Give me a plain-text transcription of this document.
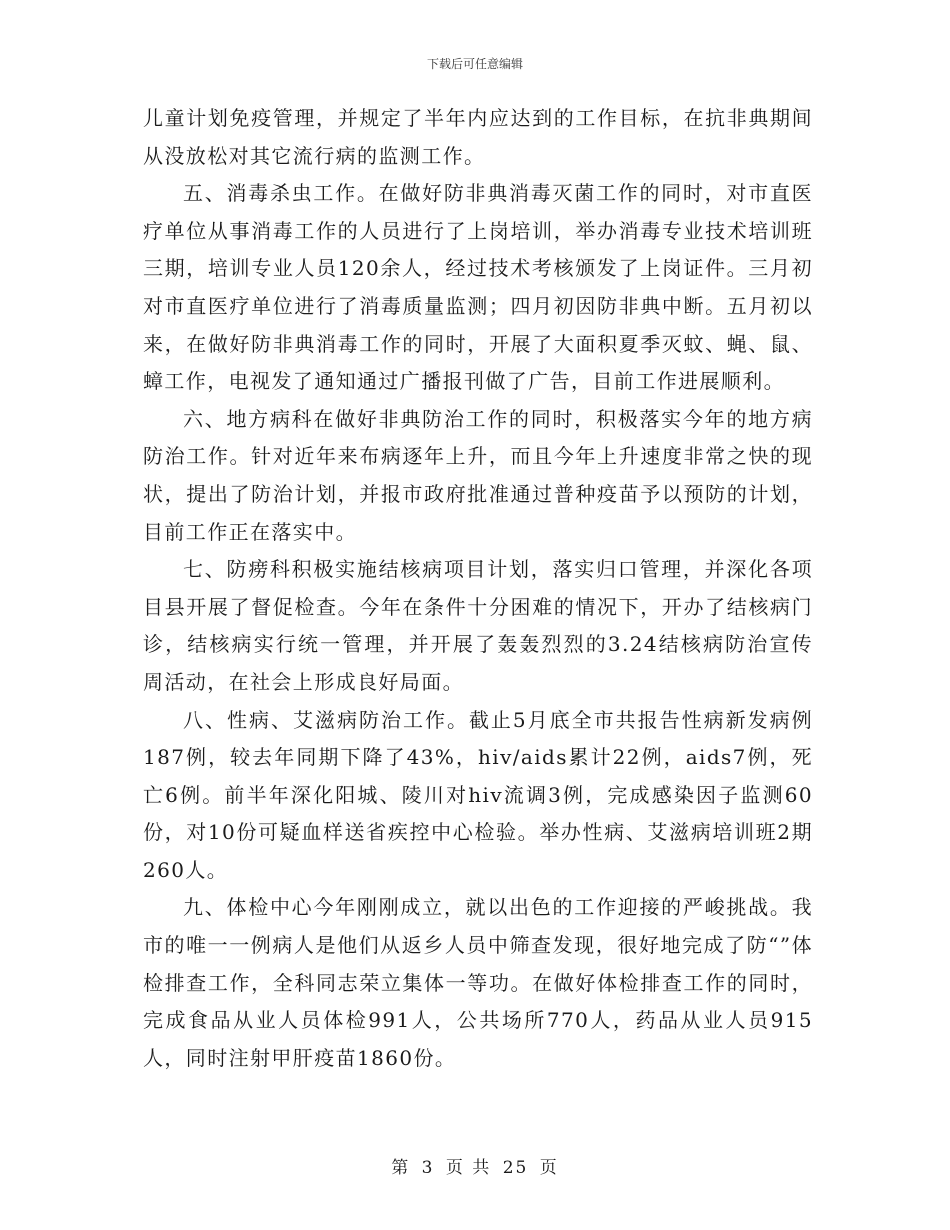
下载后可任意编辑

儿童计划免疫管理，并规定了半年内应达到的工作目标，在抗非典期间从没放松对其它流行病的监测工作。

五、消毒杀虫工作。在做好防非典消毒灭菌工作的同时，对市直医疗单位从事消毒工作的人员进行了上岗培训，举办消毒专业技术培训班三期，培训专业人员120余人，经过技术考核颁发了上岗证件。三月初对市直医疗单位进行了消毒质量监测；四月初因防非典中断。五月初以来，在做好防非典消毒工作的同时，开展了大面积夏季灭蚊、蝇、鼠、蟑工作，电视发了通知通过广播报刊做了广告，目前工作进展顺利。

六、地方病科在做好非典防治工作的同时，积极落实今年的地方病防治工作。针对近年来布病逐年上升，而且今年上升速度非常之快的现状，提出了防治计划，并报市政府批准通过普种疫苗予以预防的计划，目前工作正在落实中。

七、防痨科积极实施结核病项目计划，落实归口管理，并深化各项目县开展了督促检查。今年在条件十分困难的情况下，开办了结核病门诊，结核病实行统一管理，并开展了轰轰烈烈的3.24结核病防治宣传周活动，在社会上形成良好局面。

八、性病、艾滋病防治工作。截止5月底全市共报告性病新发病例187例，较去年同期下降了43%，hiv/aids累计22例，aids7例，死亡6例。前半年深化阳城、陵川对hiv流调3例，完成感染因子监测60份，对10份可疑血样送省疾控中心检验。举办性病、艾滋病培训班2期260人。

九、体检中心今年刚刚成立，就以出色的工作迎接的严峻挑战。我市的唯一一例病人是他们从返乡人员中筛查发现，很好地完成了防“”体检排查工作，全科同志荣立集体一等功。在做好体检排查工作的同时，完成食品从业人员体检991人，公共场所770人，药品从业人员915人，同时注射甲肝疫苗1860份。

第 3 页 共 25 页
